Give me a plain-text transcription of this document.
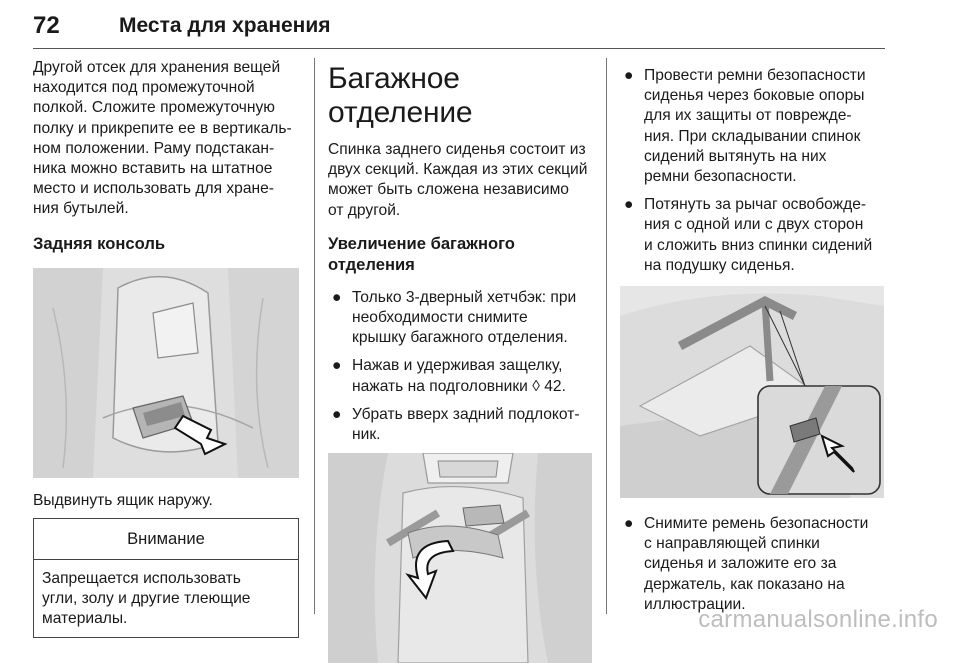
72	Места для хранения

Другой отсек для хранения вещей
находится под промежуточной
полкой. Сложите промежуточную
полку и прикрепите ее в вертикаль-
ном положении. Раму подстакан-
ника можно вставить на штатное
место и использовать для хране-
ния бутылей.

Задняя консоль

Выдвинуть ящик наружу.

Внимание
Запрещается использовать
угли, золу и другие тлеющие
материалы.
Багажное отделение

Спинка заднего сиденья состоит из
двух секций. Каждая из этих секций
может быть сложена независимо
от другой.

Увеличение багажного
отделения
● Только 3-дверный хетчбэк: при
необходимости снимите
крышку багажного отделения.
● Нажав и удерживая защелку,
нажать на подголовники ◊ 42.
● Убрать вверх задний подлокот-
ник.
● Провести ремни безопасности
сиденья через боковые опоры
для их защиты от поврежде-
ния. При складывании спинок
сидений вытянуть на них
ремни безопасности.
● Потянуть за рычаг освобожде-
ния с одной или с двух сторон
и сложить вниз спинки сидений
на подушку сиденья.
● Снимите ремень безопасности
с направляющей спинки
сиденья и заложите его за
держатель, как показано на
иллюстрации.
carmanualsonline.info
